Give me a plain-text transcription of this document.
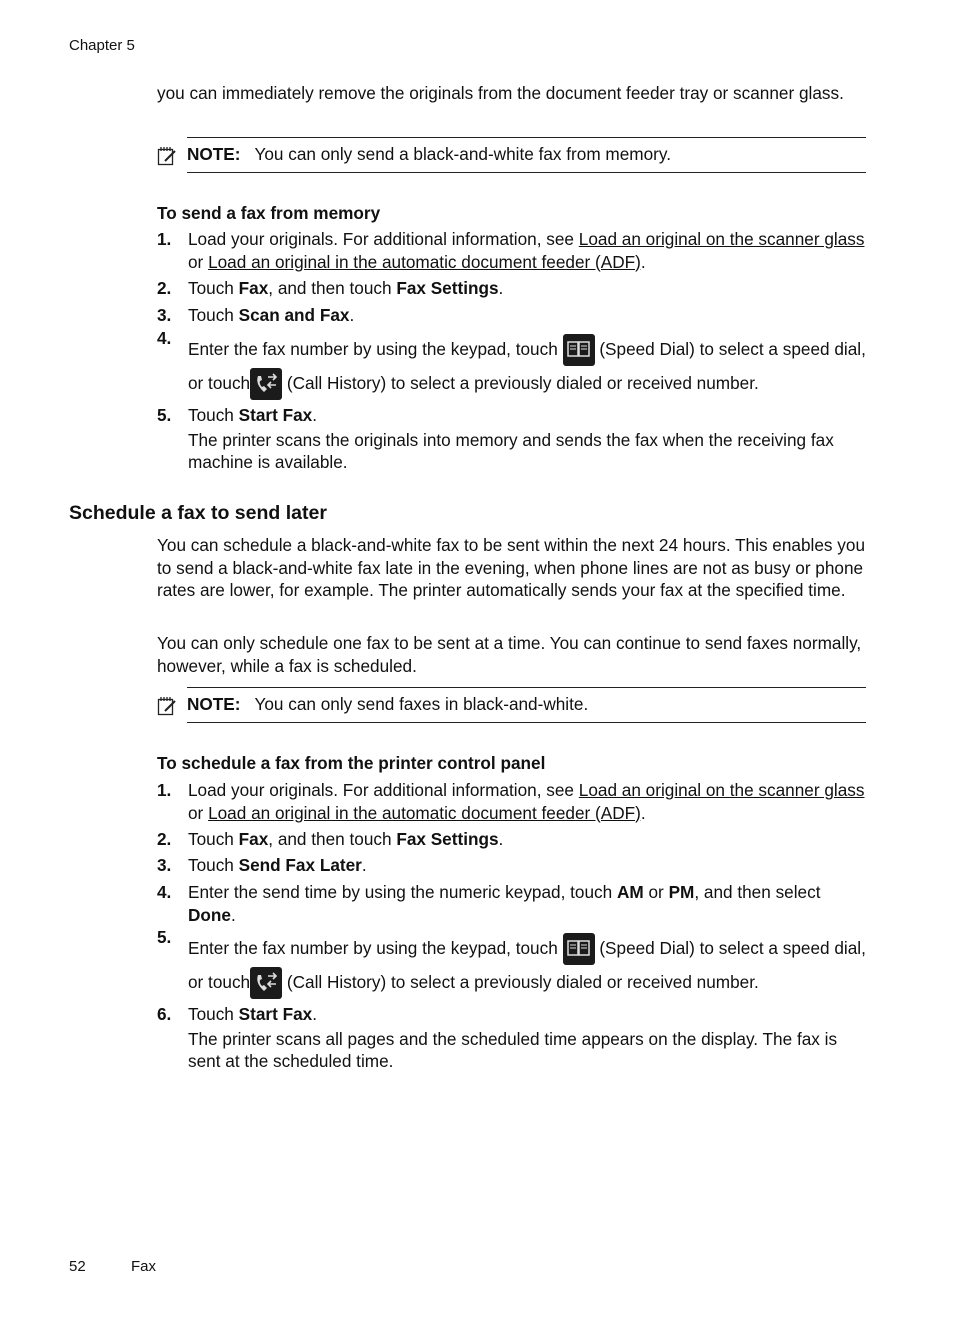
Chapter 5
you can immediately remove the originals from the document feeder tray or scanner glass.
NOTE: You can only send a black-and-white fax from memory.
To send a fax from memory
1. Load your originals. For additional information, see Load an original on the scanner glass or Load an original in the automatic document feeder (ADF).
2. Touch Fax, and then touch Fax Settings.
3. Touch Scan and Fax.
4.
Enter the fax number by using the keypad, touch
(Speed Dial) to select a speed dial, or touch
(Call History) to select a previously dialed or received number.
5. Touch Start Fax.
The printer scans the originals into memory and sends the fax when the receiving fax machine is available.
Schedule a fax to send later
You can schedule a black-and-white fax to be sent within the next 24 hours. This enables you to send a black-and-white fax late in the evening, when phone lines are not as busy or phone rates are lower, for example. The printer automatically sends your fax at the specified time.
You can only schedule one fax to be sent at a time. You can continue to send faxes normally, however, while a fax is scheduled.
NOTE: You can only send faxes in black-and-white.
To schedule a fax from the printer control panel
1. Load your originals. For additional information, see Load an original on the scanner glass or Load an original in the automatic document feeder (ADF).
2. Touch Fax, and then touch Fax Settings.
3. Touch Send Fax Later.
4. Enter the send time by using the numeric keypad, touch AM or PM, and then select Done.
5.
Enter the fax number by using the keypad, touch
(Speed Dial) to select a speed dial, or touch
(Call History) to select a previously dialed or received number.
6. Touch Start Fax.
The printer scans all pages and the scheduled time appears on the display. The fax is sent at the scheduled time.
52	Fax
